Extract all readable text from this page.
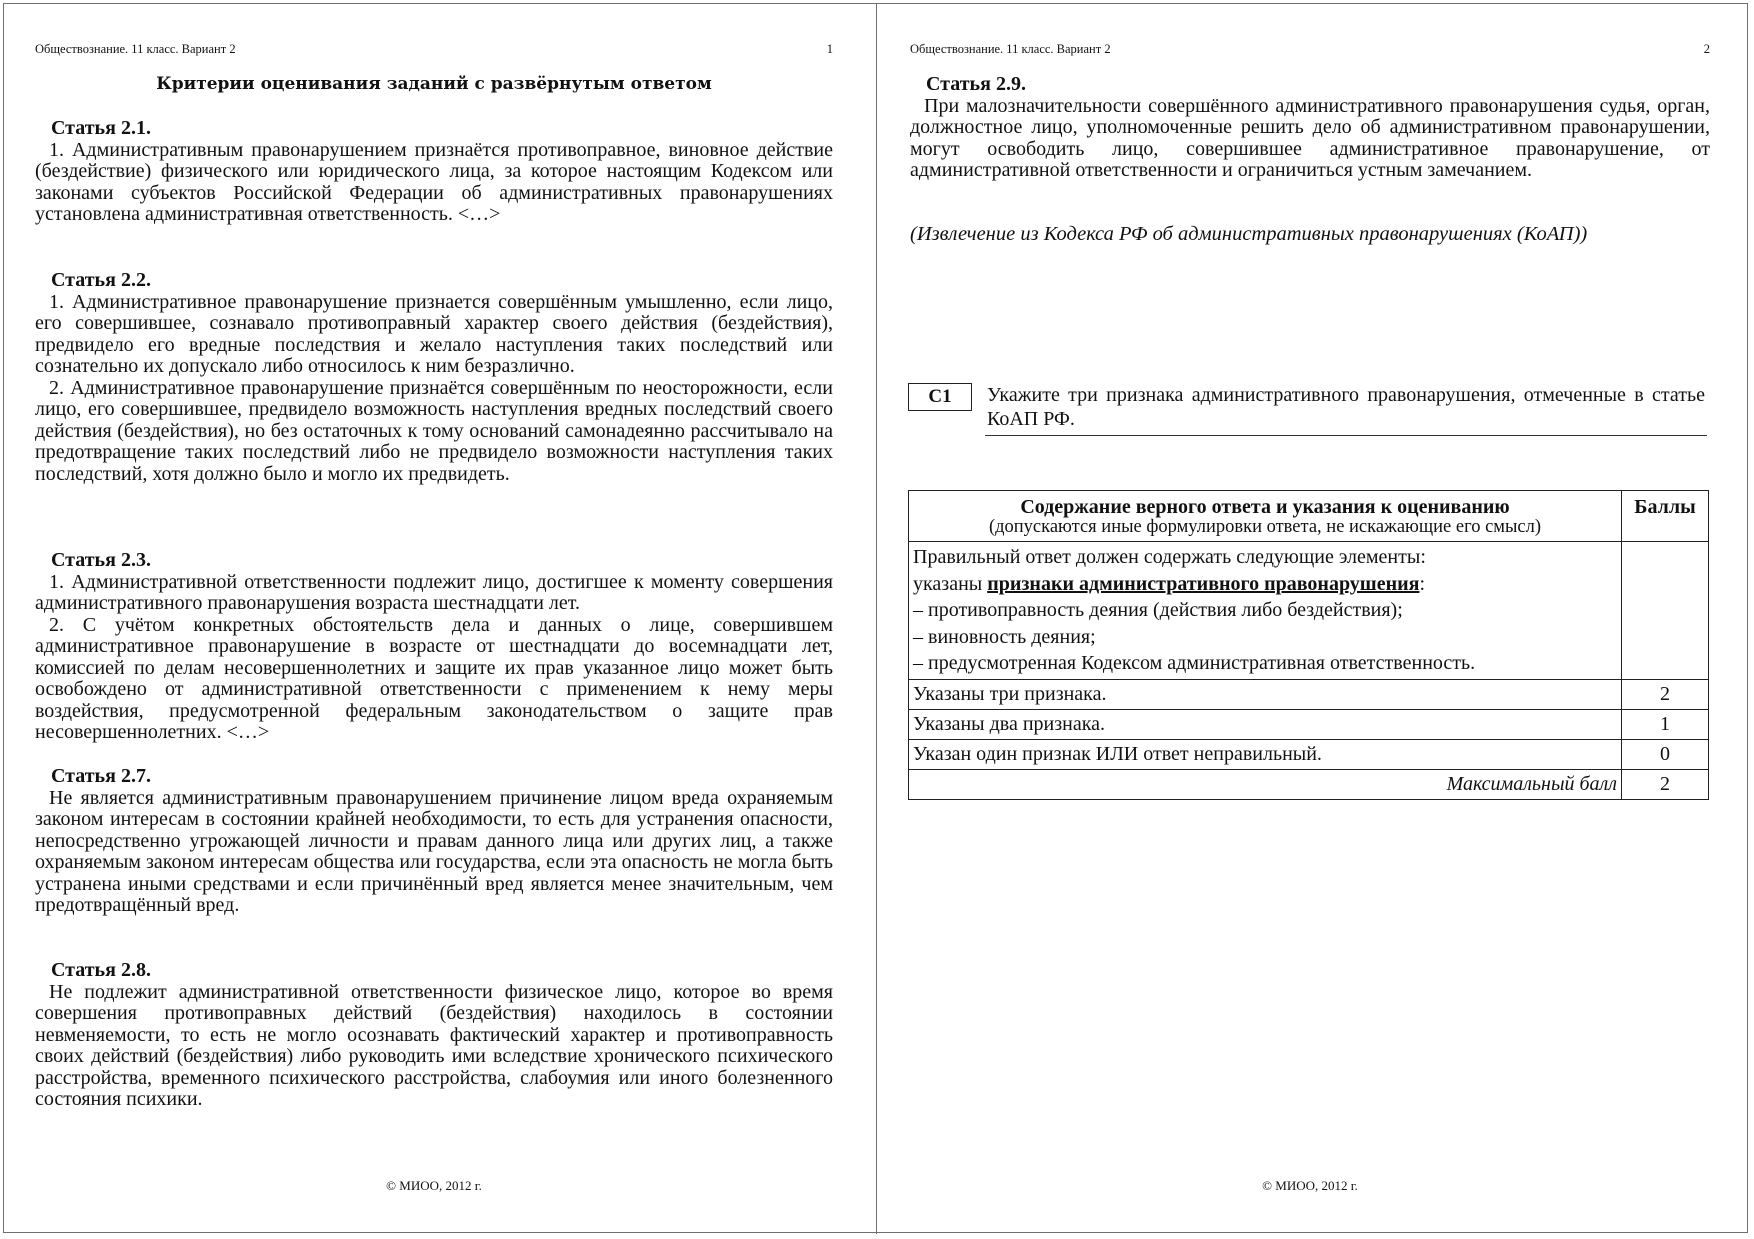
Обществознание. 11 класс. Вариант 2	1
Критерии оценивания заданий с развёрнутым ответом
Статья 2.1.

1. Административным правонарушением признаётся противоправное, виновное действие (бездействие) физического или юридического лица, за которое настоящим Кодексом или законами субъектов Российской Федерации об административных правонарушениях установлена административная ответственность. <…>

Статья 2.2.

1. Административное правонарушение признается совершённым умышленно, если лицо, его совершившее, сознавало противоправный характер своего действия (бездействия), предвидело его вредные последствия и желало наступления таких последствий или сознательно их допускало либо относилось к ним безразлично.

2. Административное правонарушение признаётся совершённым по неосторожности, если лицо, его совершившее, предвидело возможность наступления вредных последствий своего действия (бездействия), но без остаточных к тому оснований самонадеянно рассчитывало на предотвращение таких последствий либо не предвидело возможности наступления таких последствий, хотя должно было и могло их предвидеть.

Статья 2.3.

1. Административной ответственности подлежит лицо, достигшее к моменту совершения административного правонарушения возраста шестнадцати лет.

2. С учётом конкретных обстоятельств дела и данных о лице, совершившем административное правонарушение в возрасте от шестнадцати до восемнадцати лет, комиссией по делам несовершеннолетних и защите их прав указанное лицо может быть освобождено от административной ответственности с применением к нему меры воздействия, предусмотренной федеральным законодательством о защите прав несовершеннолетних. <…>

Статья 2.7.

Не является административным правонарушением причинение лицом вреда охраняемым законом интересам в состоянии крайней необходимости, то есть для устранения опасности, непосредственно угрожающей личности и правам данного лица или других лиц, а также охраняемым законом интересам общества или государства, если эта опасность не могла быть устранена иными средствами и если причинённый вред является менее значительным, чем предотвращённый вред.

Статья 2.8.

Не подлежит административной ответственности физическое лицо, которое во время совершения противоправных действий (бездействия) находилось в состоянии невменяемости, то есть не могло осознавать фактический характер и противоправность своих действий (бездействия) либо руководить ими вследствие хронического психического расстройства, временного психического расстройства, слабоумия или иного болезненного состояния психики.

© МИОО, 2012 г.
Обществознание. 11 класс. Вариант 2	2
Статья 2.9.

При малозначительности совершённого административного правонарушения судья, орган, должностное лицо, уполномоченные решить дело об административном правонарушении, могут освободить лицо, совершившее административное правонарушение, от административной ответственности и ограничиться устным замечанием.

(Извлечение из Кодекса РФ об административных правонарушениях (КоАП))
С1	Укажите три признака административного правонарушения, отмеченные в статье КоАП РФ.
Содержание верного ответа и указания к оцениванию
(допускаются иные формулировки ответа, не искажающие его смысл)	Баллы

Правильный ответ должен содержать следующие элементы:
указаны признаки административного правонарушения:
– противоправность деяния (действия либо бездействия);
– виновность деяния;
– предусмотренная Кодексом административная ответственность.	

Указаны три признака.	2
Указаны два признака.	1
Указан один признак ИЛИ ответ неправильный.	0
Максимальный балл	2
© МИОО, 2012 г.
